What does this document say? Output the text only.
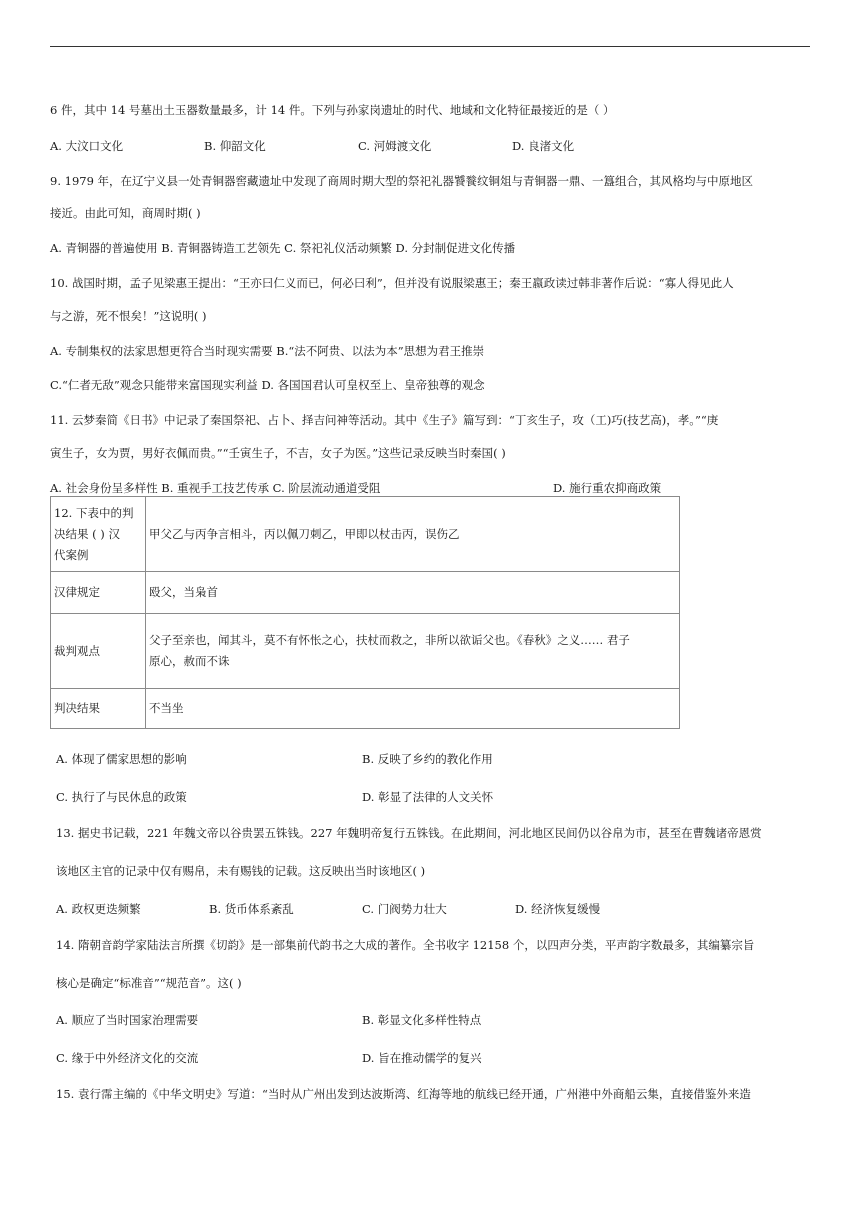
6 件，其中 14 号墓出土玉器数量最多，计 14 件。下列与孙家岗遗址的时代、地域和文化特征最接近的是（ ）
A. 大汶口文化	B. 仰韶文化	C. 河姆渡文化	D. 良渚文化
9. 1979 年，在辽宁义县一处青铜器窖藏遗址中发现了商周时期大型的祭祀礼器饕餮纹铜俎与青铜器一鼎、一簋组合，其风格均与中原地区
接近。由此可知，商周时期( )
A. 青铜器的普遍使用 B. 青铜器铸造工艺领先 C. 祭祀礼仪活动频繁 D. 分封制促进文化传播
10. 战国时期，孟子见梁惠王提出：“王亦曰仁义而已，何必曰利”，但并没有说服梁惠王；秦王嬴政读过韩非著作后说：“寡人得见此人
与之游，死不恨矣！”这说明( )
A. 专制集权的法家思想更符合当时现实需要 B.“法不阿贵、以法为本”思想为君王推崇
C.“仁者无敌”观念只能带来富国现实利益 D. 各国国君认可皇权至上、皇帝独尊的观念
11. 云梦秦简《日书》中记录了秦国祭祀、占卜、择吉问神等活动。其中《生子》篇写到：“丁亥生子，攻（工)巧(技艺高)，孝。”“庚
寅生子，女为贾，男好衣佩而贵。”“壬寅生子，不吉，女子为医。”这些记录反映当时秦国( )
A. 社会身份呈多样性 B. 重视手工技艺传承 C. 阶层流动通道受阻	D. 施行重农抑商政策
12. 下表中的判
决结果 ( ) 汉
代案例	甲父乙与丙争言相斗，丙以佩刀刺乙，甲即以杖击丙，误伤乙
汉律规定	殴父，当枭首
裁判观点	父子至亲也，闻其斗，莫不有怀怅之心，扶杖而救之，非所以欲诟父也。《春秋》之义…… 君子
原心，赦而不诛

判决结果	不当坐
A. 体现了儒家思想的影响	B. 反映了乡约的教化作用
C. 执行了与民休息的政策	D. 彰显了法律的人文关怀
13. 据史书记载，221 年魏文帝以谷贵罢五铢钱。227 年魏明帝复行五铢钱。在此期间，河北地区民间仍以谷帛为市，甚至在曹魏诸帝恩赏
该地区主官的记录中仅有赐帛，未有赐钱的记载。这反映出当时该地区( )
A. 政权更迭频繁	B. 货币体系紊乱	C. 门阀势力壮大	D. 经济恢复缓慢
14. 隋朝音韵学家陆法言所撰《切韵》是一部集前代韵书之大成的著作。全书收字 12158 个，以四声分类，平声韵字数最多，其编纂宗旨
核心是确定“标准音”“规范音”。这( )
A. 顺应了当时国家治理需要	B. 彰显文化多样性特点
C. 缘于中外经济文化的交流	D. 旨在推动儒学的复兴
15. 袁行霈主编的《中华文明史》写道：“当时从广州出发到达波斯湾、红海等地的航线已经开通，广州港中外商船云集，直接借鉴外来造
